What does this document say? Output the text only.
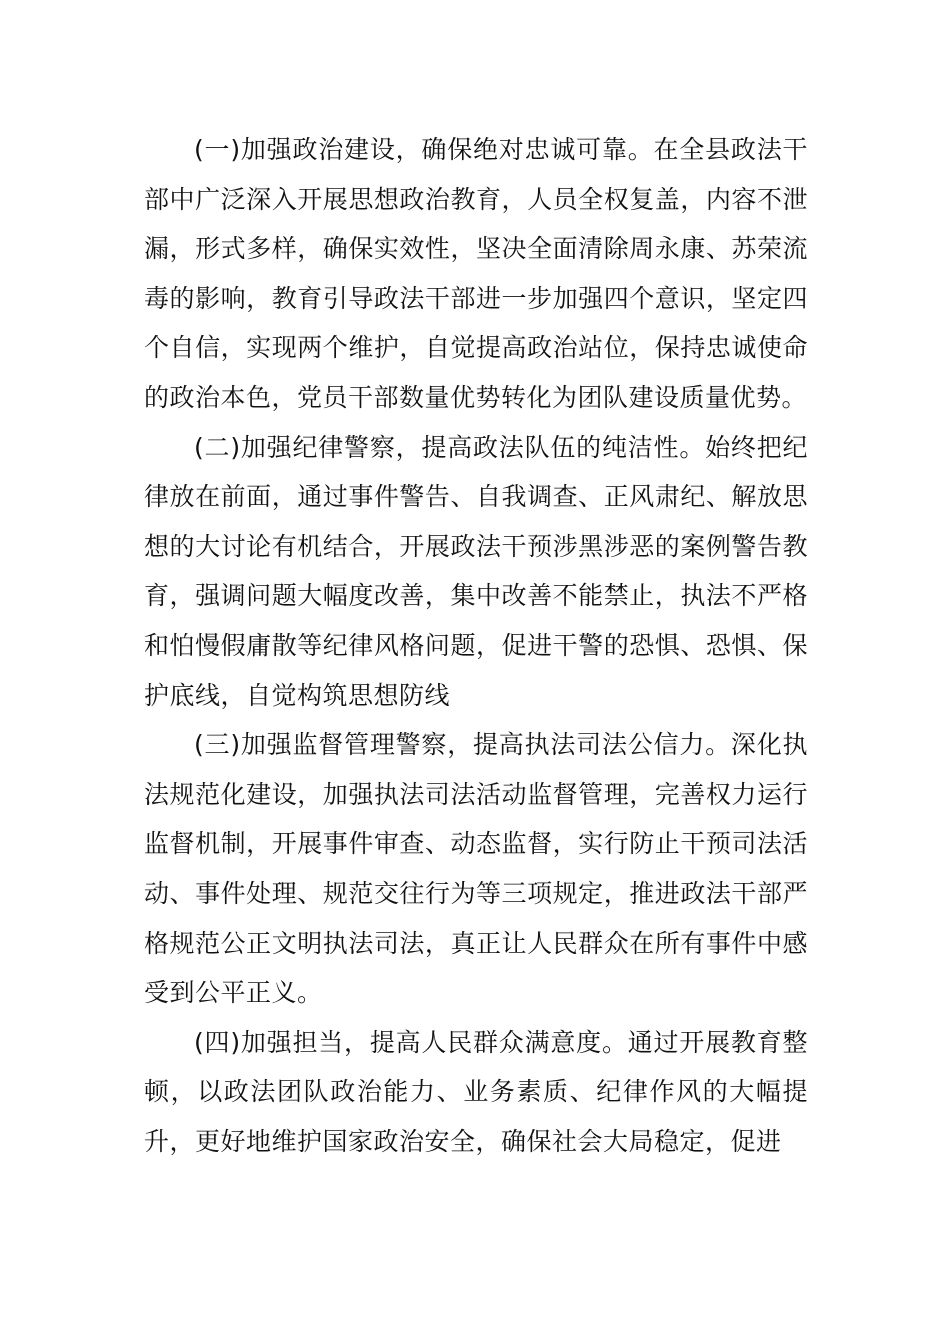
(一)加强政治建设，确保绝对忠诚可靠。在全县政法干部中广泛深入开展思想政治教育，人员全权复盖，内容不泄漏，形式多样，确保实效性，坚决全面清除周永康、苏荣流毒的影响，教育引导政法干部进一步加强四个意识，坚定四个自信，实现两个维护，自觉提高政治站位，保持忠诚使命的政治本色，党员干部数量优势转化为团队建设质量优势。

(二)加强纪律警察，提高政法队伍的纯洁性。始终把纪律放在前面，通过事件警告、自我调查、正风肃纪、解放思想的大讨论有机结合，开展政法干预涉黑涉恶的案例警告教育，强调问题大幅度改善，集中改善不能禁止，执法不严格和怕慢假庸散等纪律风格问题，促进干警的恐惧、恐惧、保护底线，自觉构筑思想防线

(三)加强监督管理警察，提高执法司法公信力。深化执法规范化建设，加强执法司法活动监督管理，完善权力运行监督机制，开展事件审查、动态监督，实行防止干预司法活动、事件处理、规范交往行为等三项规定，推进政法干部严格规范公正文明执法司法，真正让人民群众在所有事件中感受到公平正义。

(四)加强担当，提高人民群众满意度。通过开展教育整顿，以政法团队政治能力、业务素质、纪律作风的大幅提升，更好地维护国家政治安全，确保社会大局稳定，促进
